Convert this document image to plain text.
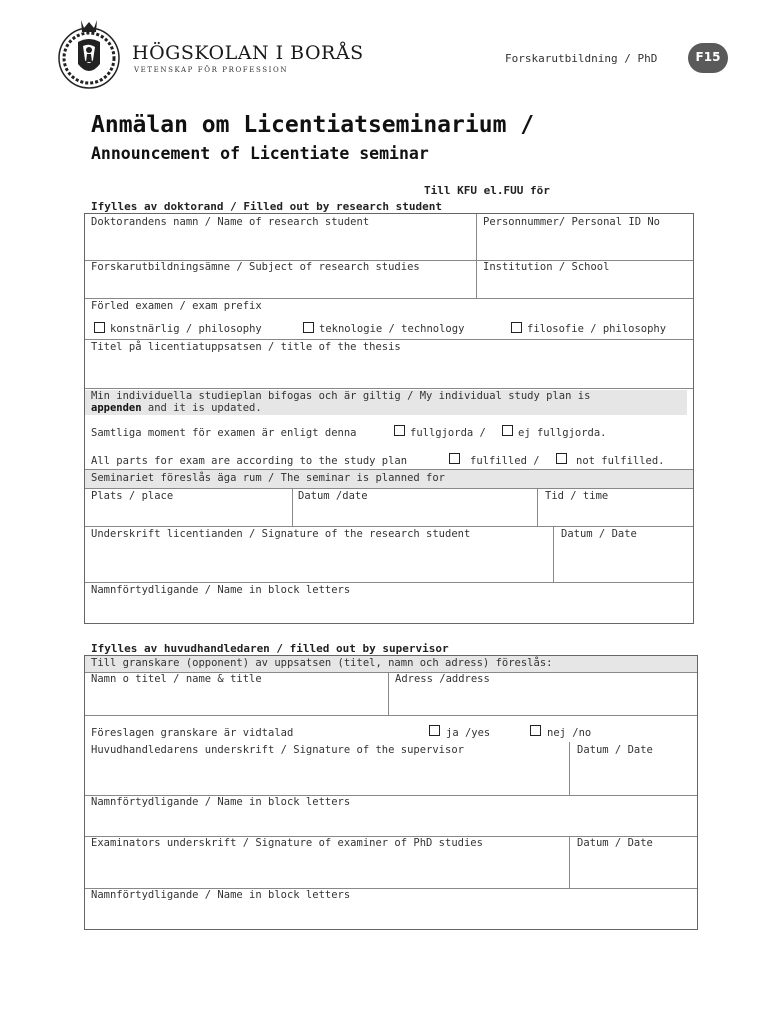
HÖGSKOLAN I BORÅS
VETENSKAP FÖR PROFESSION
Forskarutbildning / PhD	F15
Anmälan om Licentiatseminarium /
Announcement of Licentiate seminar
Till KFU el.FUU för
Ifylles av doktorand / Filled out by research student
Doktorandens namn / Name of research student	Personnummer/ Personal ID No
Forskarutbildningsämne / Subject of research studies	Institution / School
Förled examen / exam prefix
konstnärlig / philosophy	teknologie / technology	filosofie / philosophy
Titel på licentiatuppsatsen / title of the thesis
Min individuella studieplan bifogas och är giltig / My individual study plan is
appenden and it is updated.
Samtliga moment för examen är enligt denna	fullgjorda /	ej fullgjorda.
All parts for exam are according to the study plan	fulfilled /	not fulfilled.
Seminariet föreslås äga rum / The seminar is planned for
Plats / place	Datum /date	Tid / time
Underskrift licentianden / Signature of the research student	Datum / Date
Namnförtydligande / Name in block letters
Ifylles av huvudhandledaren / filled out by supervisor
Till granskare (opponent) av uppsatsen (titel, namn och adress) föreslås:
Namn o titel / name & title	Adress /address
Föreslagen granskare är vidtalad	ja /yes	nej /no
Huvudhandledarens underskrift / Signature of the supervisor	Datum / Date
Namnförtydligande / Name in block letters
Examinators underskrift / Signature of examiner of PhD studies	Datum / Date
Namnförtydligande / Name in block letters
